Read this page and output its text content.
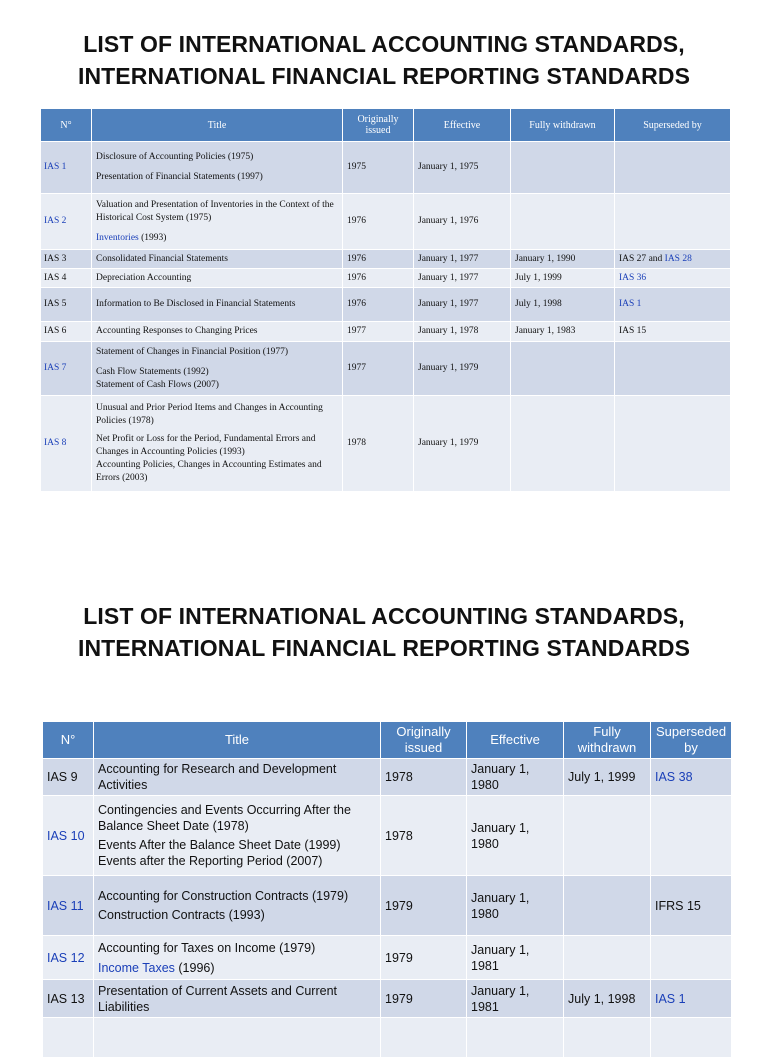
LIST OF INTERNATIONAL ACCOUNTING STANDARDS,
INTERNATIONAL FINANCIAL REPORTING STANDARDS
N°	Title	Originally issued	Effective	Fully withdrawn	Superseded by
IAS 1	Disclosure of Accounting Policies (1975)
Presentation of Financial Statements (1997)	1975	January 1, 1975		
IAS 2	Valuation and Presentation of Inventories in the Context of the Historical Cost System (1975)
Inventories (1993)	1976	January 1, 1976		
IAS 3	Consolidated Financial Statements	1976	January 1, 1977	January 1, 1990	IAS 27 and IAS 28
IAS 4	Depreciation Accounting	1976	January 1, 1977	July 1, 1999	IAS 36
IAS 5	Information to Be Disclosed in Financial Statements	1976	January 1, 1977	July 1, 1998	IAS 1
IAS 6	Accounting Responses to Changing Prices	1977	January 1, 1978	January 1, 1983	IAS 15
IAS 7	Statement of Changes in Financial Position (1977)
Cash Flow Statements (1992)
Statement of Cash Flows (2007)	1977	January 1, 1979		
IAS 8	Unusual and Prior Period Items and Changes in Accounting Policies (1978)
Net Profit or Loss for the Period, Fundamental Errors and Changes in Accounting Policies (1993)
Accounting Policies, Changes in Accounting Estimates and Errors (2003)	1978	January 1, 1979		
LIST OF INTERNATIONAL ACCOUNTING STANDARDS,
INTERNATIONAL FINANCIAL REPORTING STANDARDS
N°	Title	Originally issued	Effective	Fully withdrawn	Superseded by
IAS 9	Accounting for Research and Development Activities	1978	January 1, 1980	July 1, 1999	IAS 38
IAS 10	Contingencies and Events Occurring After the Balance Sheet Date (1978)
Events After the Balance Sheet Date (1999)
Events after the Reporting Period (2007)	1978	January 1, 1980		
IAS 11	Accounting for Construction Contracts (1979)
Construction Contracts (1993)	1979	January 1, 1980		IFRS 15
IAS 12	Accounting for Taxes on Income (1979)
Income Taxes (1996)	1979	January 1, 1981		
IAS 13	Presentation of Current Assets and Current Liabilities	1979	January 1, 1981	July 1, 1998	IAS 1
